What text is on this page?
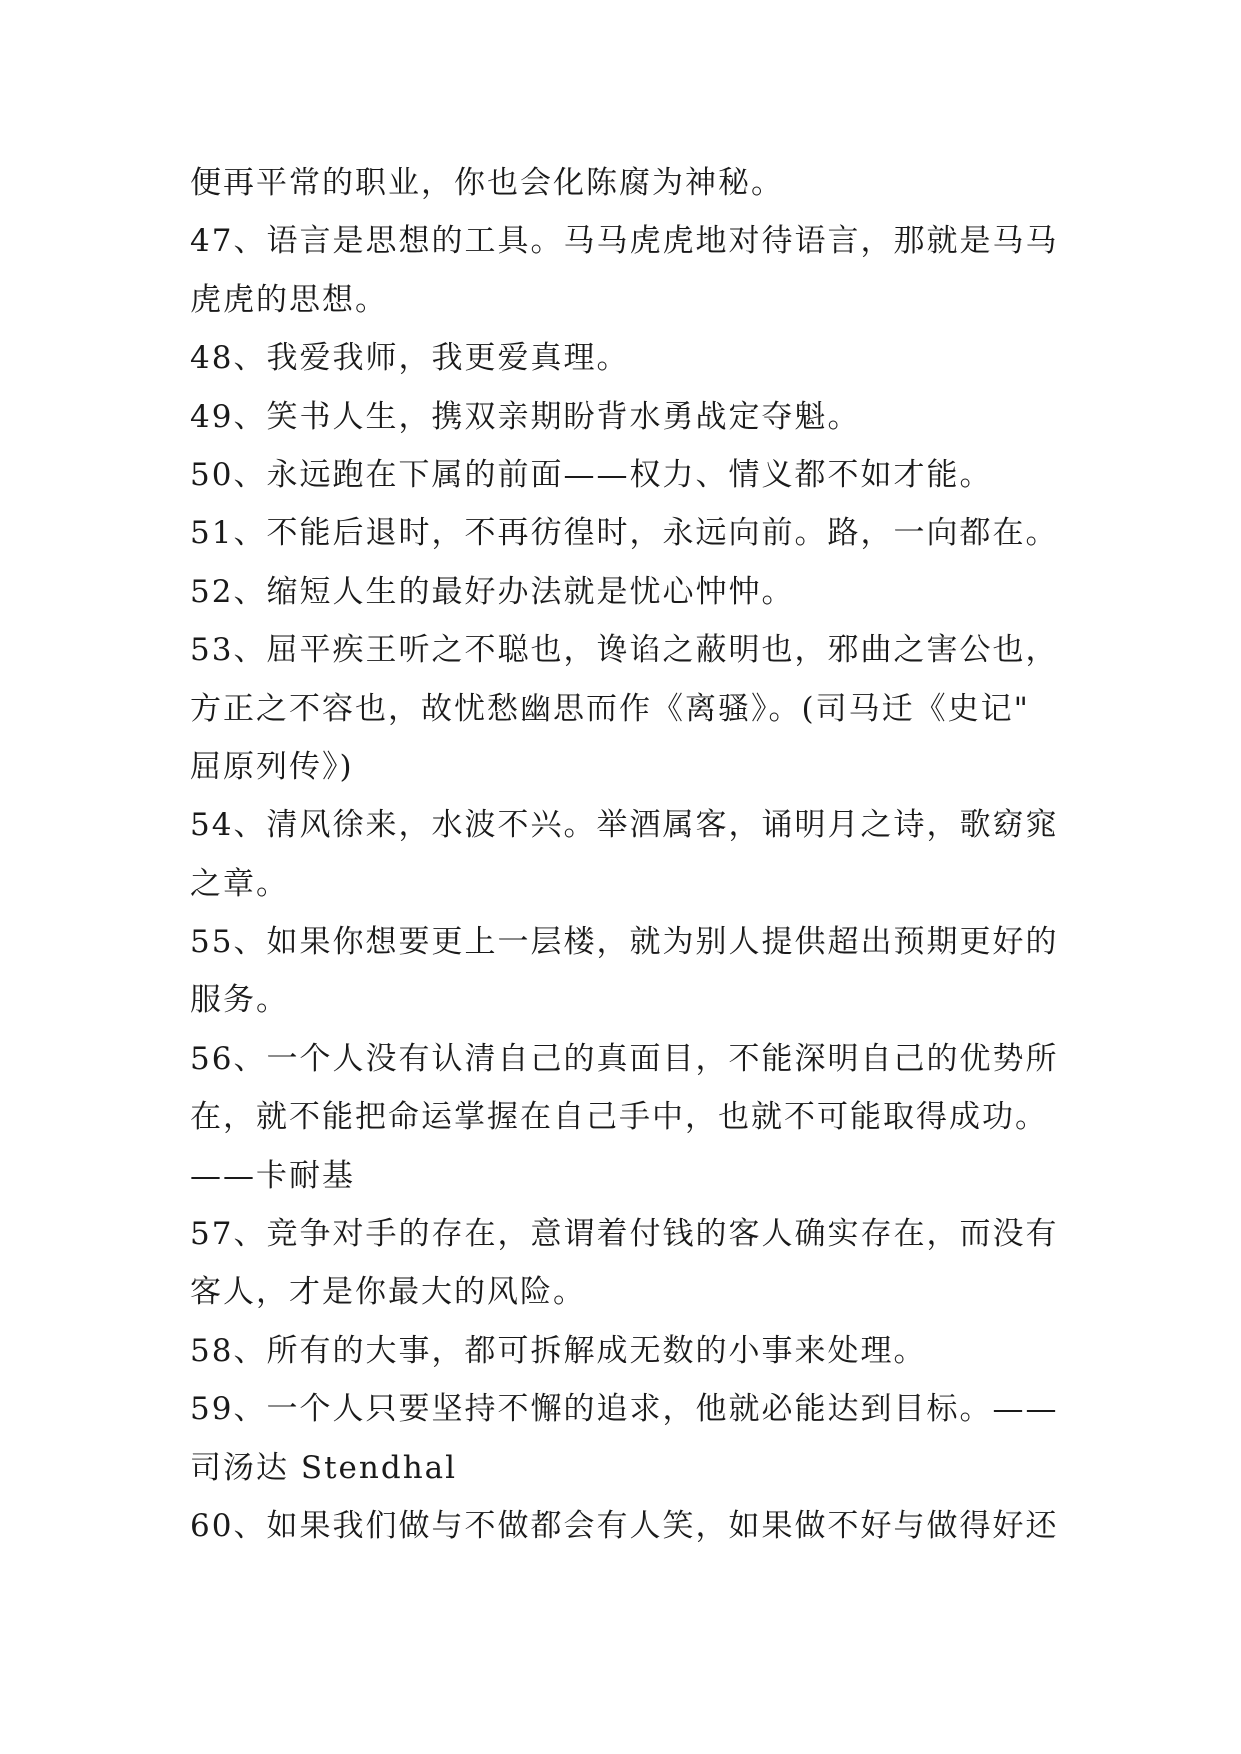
便再平常的职业，你也会化陈腐为神秘。
47、语言是思想的工具。马马虎虎地对待语言，那就是马马
虎虎的思想。
48、我爱我师，我更爱真理。
49、笑书人生，携双亲期盼背水勇战定夺魁。
50、永远跑在下属的前面——权力、情义都不如才能。
51、不能后退时，不再彷徨时，永远向前。路，一向都在。
52、缩短人生的最好办法就是忧心忡忡。
53、屈平疾王听之不聪也，谗谄之蔽明也，邪曲之害公也，
方正之不容也，故忧愁幽思而作《离骚》。(司马迁《史记"
屈原列传》)
54、清风徐来，水波不兴。举酒属客，诵明月之诗，歌窈窕
之章。
55、如果你想要更上一层楼，就为别人提供超出预期更好的
服务。
56、一个人没有认清自己的真面目，不能深明自己的优势所
在，就不能把命运掌握在自己手中，也就不可能取得成功。
——卡耐基
57、竞争对手的存在，意谓着付钱的客人确实存在，而没有
客人，才是你最大的风险。
58、所有的大事，都可拆解成无数的小事来处理。
59、一个人只要坚持不懈的追求，他就必能达到目标。——
司汤达 Stendhal
60、如果我们做与不做都会有人笑，如果做不好与做得好还
